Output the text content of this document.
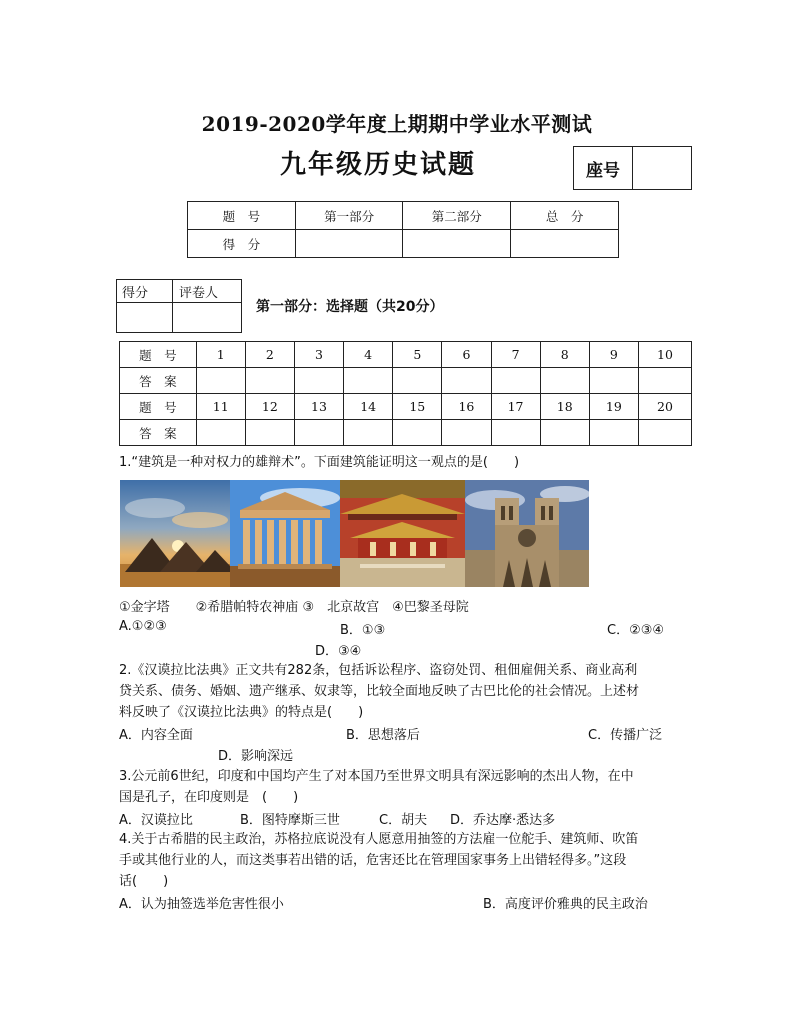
2019-2020学年度上期期中学业水平测试
九年级历史试题	座号
题　号	第一部分	第二部分	总　分
得　分			
得分	评卷人

第一部分：选择题（共20分）
题　号	1	2	3	4	5	6	7	8	9	10
答　案										
题　号	11	12	13	14	15	16	17	18	19	20
答　案										
1.“建筑是一种对权力的雄辩术”。下面建筑能证明这一观点的是(　　)
①金字塔　　②希腊帕特农神庙 ③　北京故宫　④巴黎圣母院
A.①②③	B．①③	C．②③④
D．③④
2.《汉谟拉比法典》正文共有282条，包括诉讼程序、盗窃处罚、租佃雇佣关系、商业高利
贷关系、债务、婚姻、遗产继承、奴隶等，比较全面地反映了古巴比伦的社会情况。上述材
料反映了《汉谟拉比法典》的特点是(　　)
A．内容全面	B．思想落后	C．传播广泛
D．影响深远
3.公元前6世纪，印度和中国均产生了对本国乃至世界文明具有深远影响的杰出人物，在中
国是孔子，在印度则是　(　　)
A．汉谟拉比	B．图特摩斯三世	C．胡夫 D．乔达摩·悉达多
4.关于古希腊的民主政治，苏格拉底说没有人愿意用抽签的方法雇一位舵手、建筑师、吹笛
手或其他行业的人，而这类事若出错的话，危害还比在管理国家事务上出错轻得多。”这段
话(　　)
A．认为抽签选举危害性很小	B．高度评价雅典的民主政治
